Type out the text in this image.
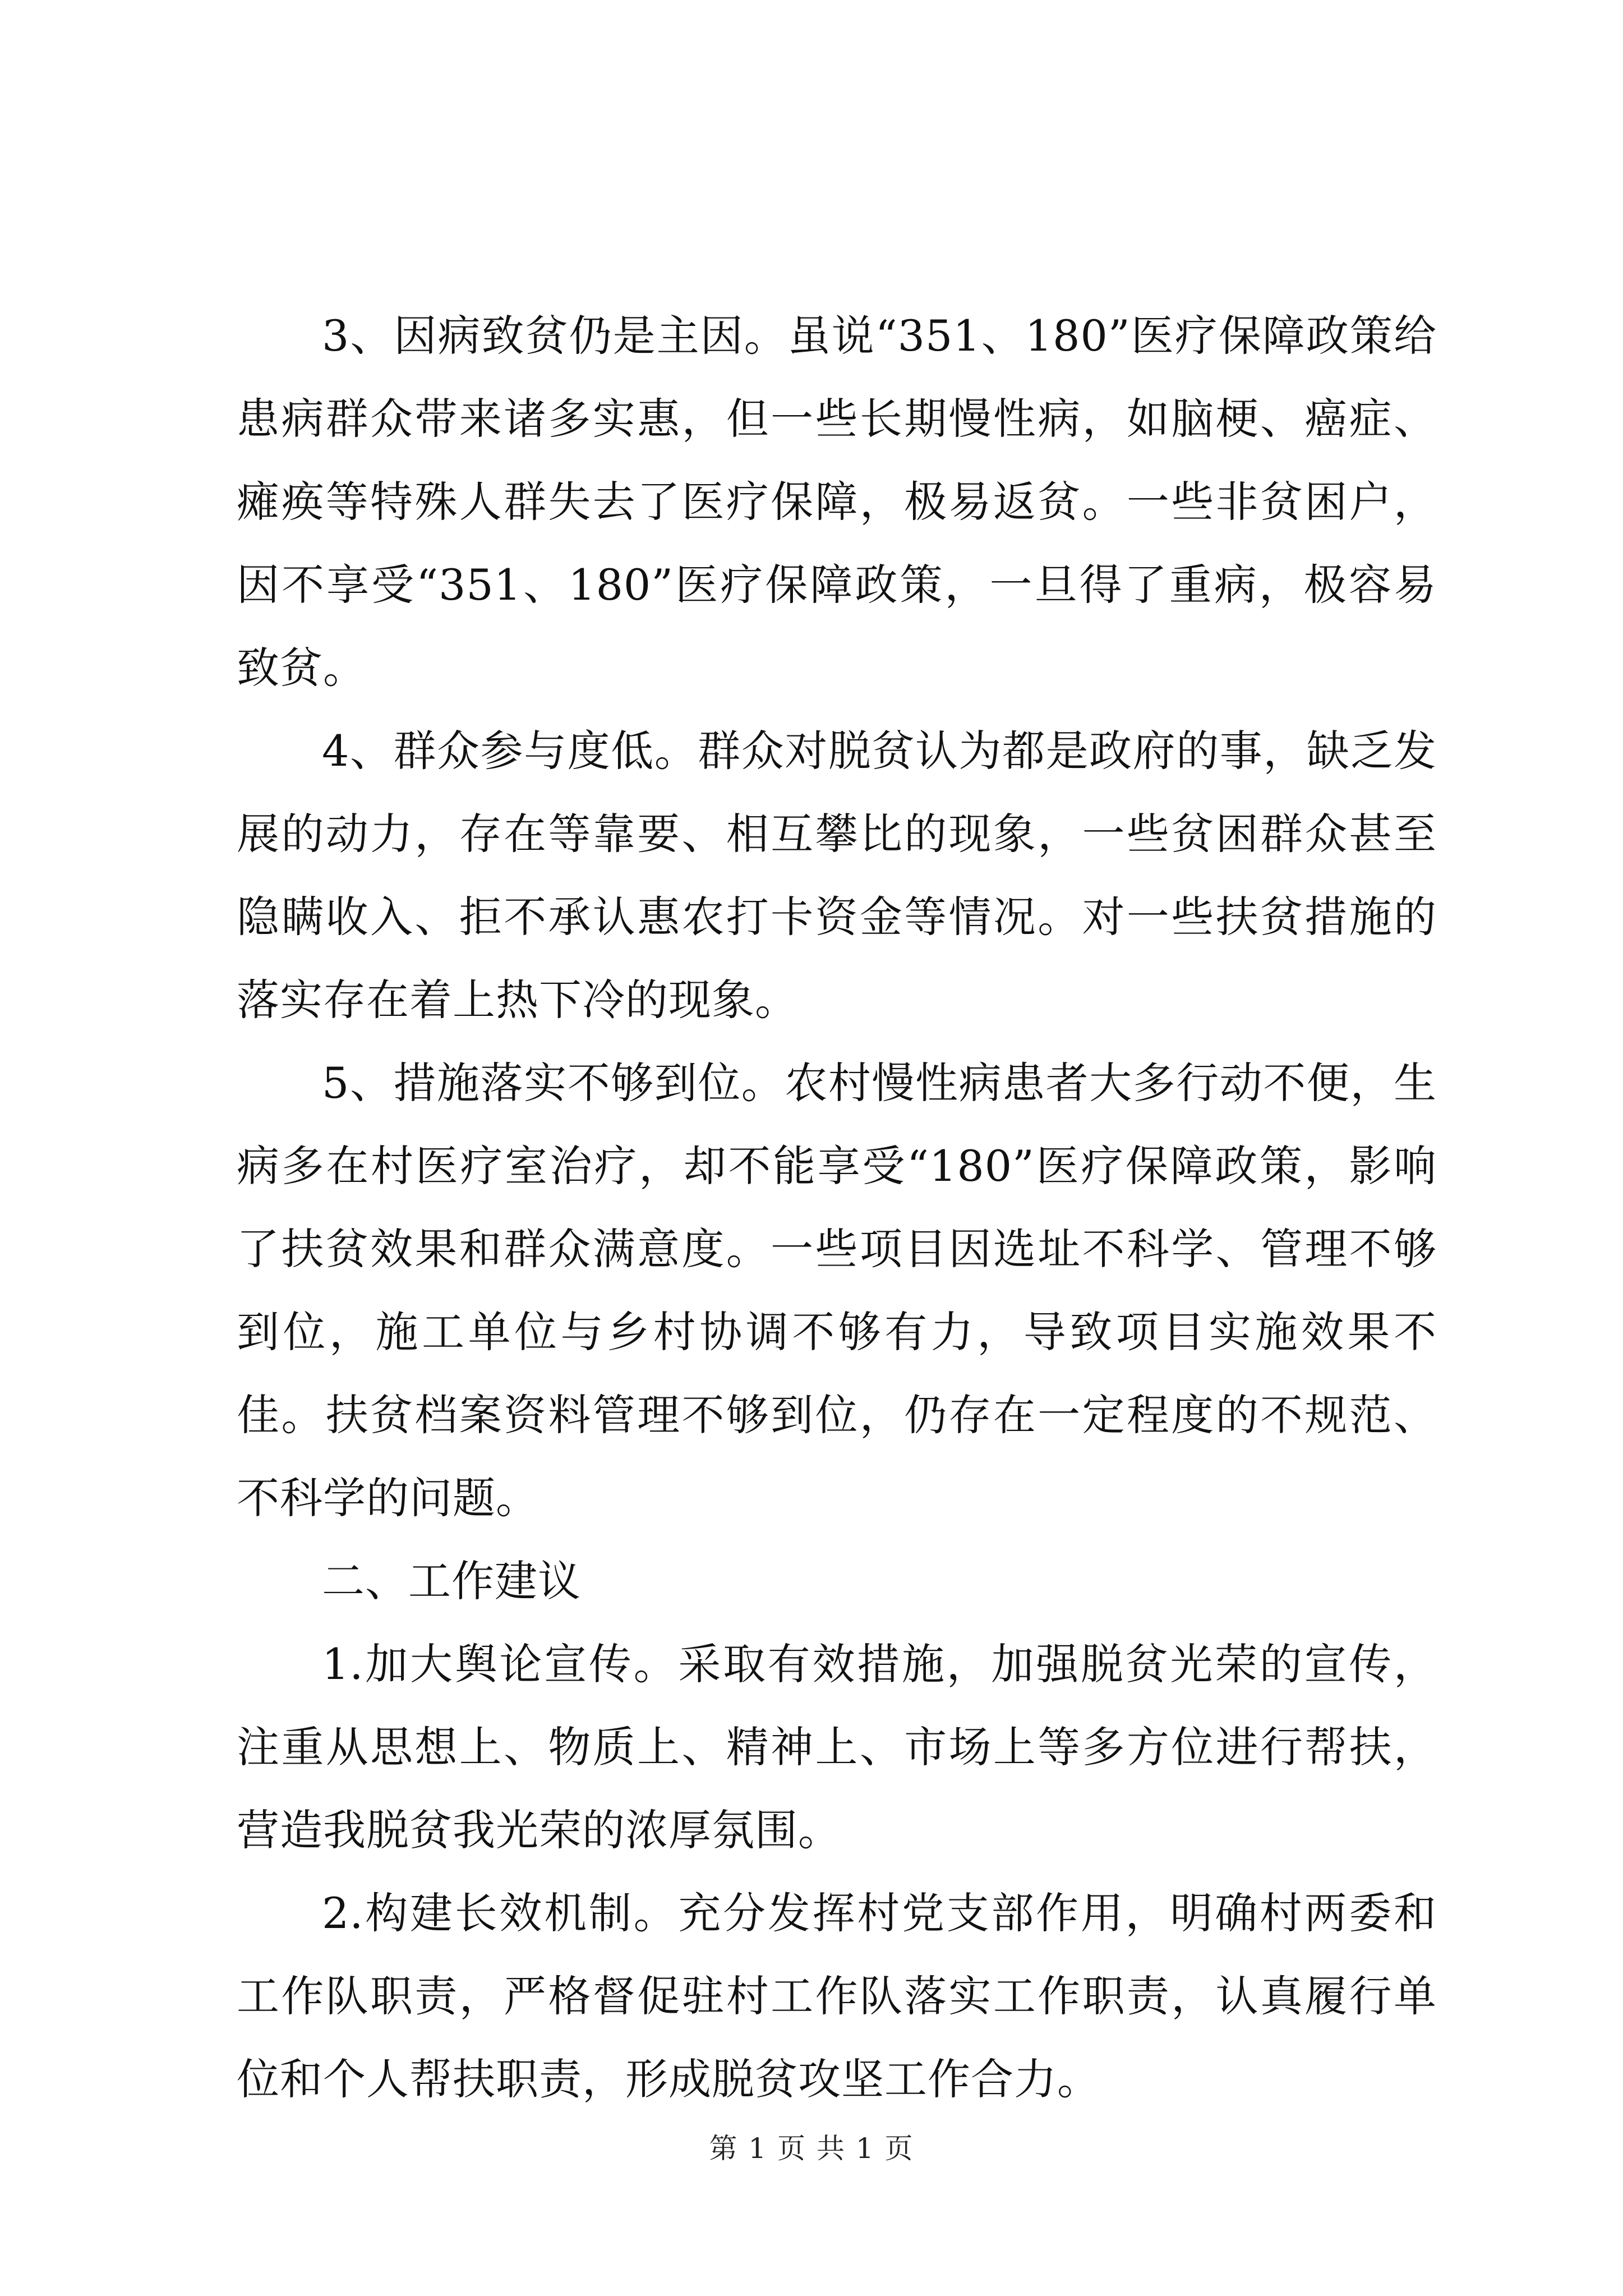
3、因病致贫仍是主因。虽说“351、180”医疗保障政策给患病群众带来诸多实惠，但一些长期慢性病，如脑梗、癌症、瘫痪等特殊人群失去了医疗保障，极易返贫。一些非贫困户，因不享受“351、180”医疗保障政策，一旦得了重病，极容易致贫。

4、群众参与度低。群众对脱贫认为都是政府的事，缺乏发展的动力，存在等靠要、相互攀比的现象，一些贫困群众甚至隐瞒收入、拒不承认惠农打卡资金等情况。对一些扶贫措施的落实存在着上热下冷的现象。

5、措施落实不够到位。农村慢性病患者大多行动不便，生病多在村医疗室治疗，却不能享受“180”医疗保障政策，影响了扶贫效果和群众满意度。一些项目因选址不科学、管理不够到位，施工单位与乡村协调不够有力，导致项目实施效果不佳。扶贫档案资料管理不够到位，仍存在一定程度的不规范、不科学的问题。

二、工作建议

1.加大舆论宣传。采取有效措施，加强脱贫光荣的宣传，注重从思想上、物质上、精神上、市场上等多方位进行帮扶，营造我脱贫我光荣的浓厚氛围。

2.构建长效机制。充分发挥村党支部作用，明确村两委和工作队职责，严格督促驻村工作队落实工作职责，认真履行单位和个人帮扶职责，形成脱贫攻坚工作合力。

第 1 页 共 1 页
